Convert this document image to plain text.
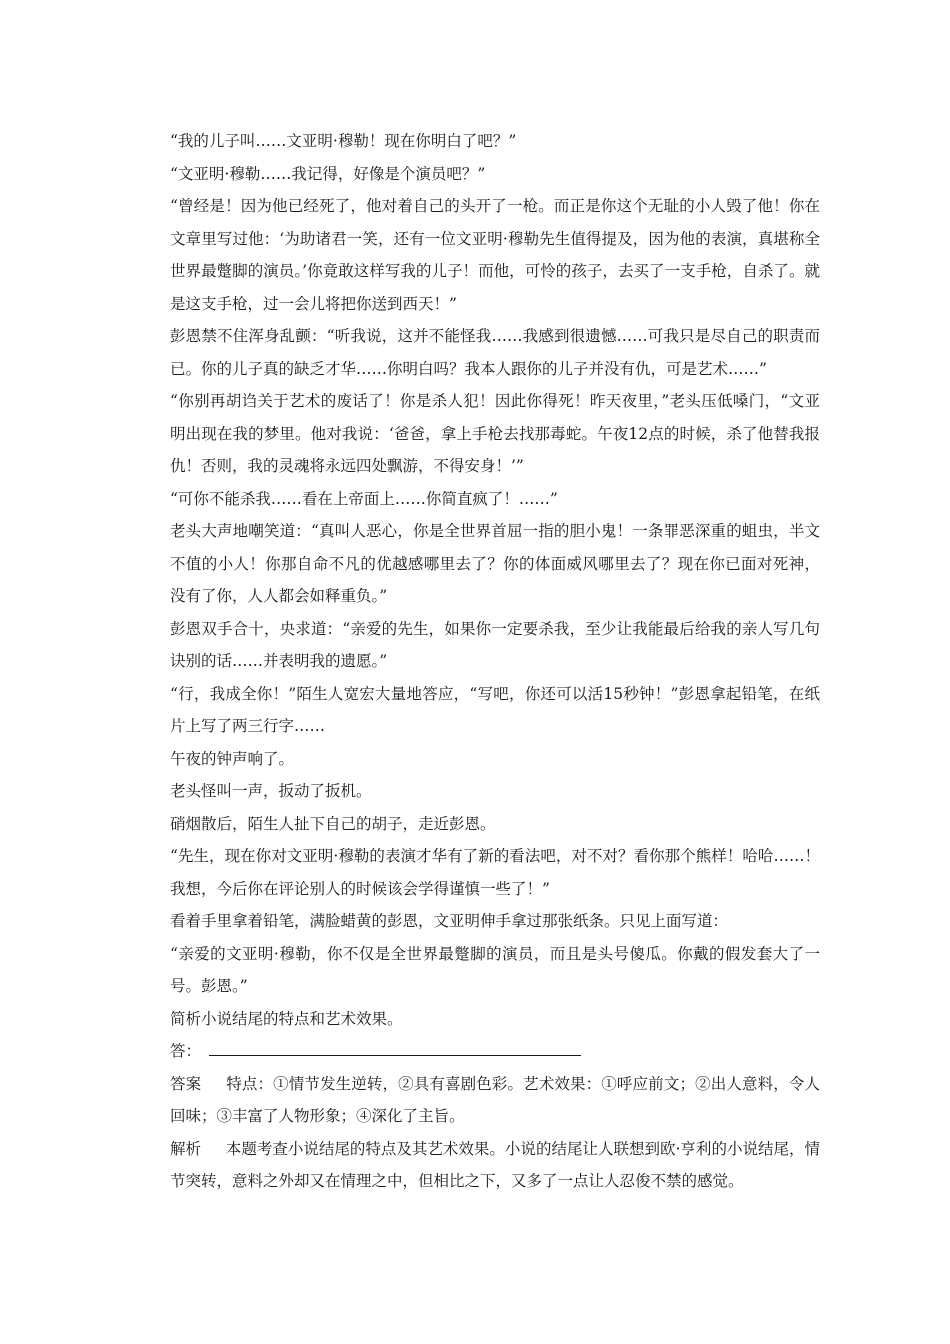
“我的儿子叫……文亚明·穆勒！现在你明白了吧？”

“文亚明·穆勒……我记得，好像是个演员吧？”

“曾经是！因为他已经死了，他对着自己的头开了一枪。而正是你这个无耻的小人毁了他！你在文章里写过他：‘为助诸君一笑，还有一位文亚明·穆勒先生值得提及，因为他的表演，真堪称全世界最蹩脚的演员。’你竟敢这样写我的儿子！而他，可怜的孩子，去买了一支手枪，自杀了。就是这支手枪，过一会儿将把你送到西天！”

彭恩禁不住浑身乱颤：“听我说，这并不能怪我……我感到很遗憾……可我只是尽自己的职责而已。你的儿子真的缺乏才华……你明白吗？我本人跟你的儿子并没有仇，可是艺术……”

“你别再胡诌关于艺术的废话了！你是杀人犯！因此你得死！昨天夜里，”老头压低嗓门，“文亚明出现在我的梦里。他对我说：‘爸爸，拿上手枪去找那毒蛇。午夜12点的时候，杀了他替我报仇！否则，我的灵魂将永远四处飘游，不得安身！’”

“可你不能杀我……看在上帝面上……你简直疯了！……”

老头大声地嘲笑道：“真叫人恶心，你是全世界首屈一指的胆小鬼！一条罪恶深重的蛆虫，半文不值的小人！你那自命不凡的优越感哪里去了？你的体面威风哪里去了？现在你已面对死神，没有了你，人人都会如释重负。”

彭恩双手合十，央求道：“亲爱的先生，如果你一定要杀我，至少让我能最后给我的亲人写几句诀别的话……并表明我的遗愿。”

“行，我成全你！”陌生人宽宏大量地答应，“写吧，你还可以活15秒钟！”彭恩拿起铅笔，在纸片上写了两三行字……

午夜的钟声响了。

老头怪叫一声，扳动了扳机。

硝烟散后，陌生人扯下自己的胡子，走近彭恩。

“先生，现在你对文亚明·穆勒的表演才华有了新的看法吧，对不对？看你那个熊样！哈哈……！我想，今后你在评论别人的时候该会学得谨慎一些了！”

看着手里拿着铅笔，满脸蜡黄的彭恩，文亚明伸手拿过那张纸条。只见上面写道：

“亲爱的文亚明·穆勒，你不仅是全世界最蹩脚的演员，而且是头号傻瓜。你戴的假发套大了一号。彭恩。”

简析小说结尾的特点和艺术效果。

答：

答案 特点：①情节发生逆转，②具有喜剧色彩。艺术效果：①呼应前文；②出人意料，令人回味；③丰富了人物形象；④深化了主旨。

解析 本题考查小说结尾的特点及其艺术效果。小说的结尾让人联想到欧·亨利的小说结尾，情节突转，意料之外却又在情理之中，但相比之下，又多了一点让人忍俊不禁的感觉。
